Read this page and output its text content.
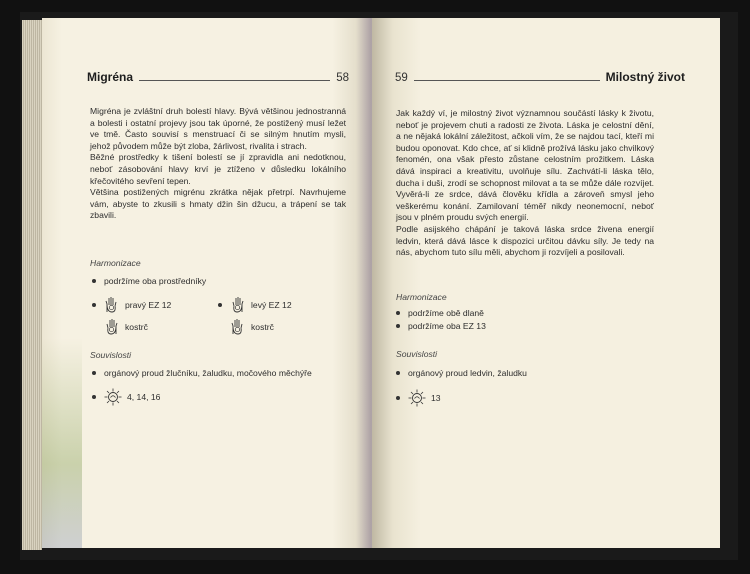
Migréna	58

Migréna je zvláštní druh bolestí hlavy. Bývá většinou jednostranná a bolesti i ostatní projevy jsou tak úporné, že postižený musí ležet ve tmě. Často souvisí s menstruací či se silným hnutím mysli, jehož původem může být zloba, žárlivost, rivalita i strach.

Běžné prostředky k tišení bolestí se jí zpravidla ani nedotknou, neboť zásobování hlavy krví je ztíženo v důsledku lokálního křečovitého sevření tepen.

Většina postižených migrénu zkrátka nějak přetrpí. Navrhujeme vám, abyste to zkusili s hmaty džin šin džucu, a trápení se tak zbavili.

Harmonizace
podržíme oba prostředníky
pravý EZ 12	levý EZ 12
kostrč	kostrč
Souvislosti
orgánový proud žlučníku, žaludku, močového měchýře
4, 14, 16
59	Milostný život

Jak každý ví, je milostný život významnou součástí lásky k životu, neboť je projevem chuti a radosti ze života. Láska je celostní dění, a ne nějaká lokální záležitost, ačkoli vím, že se najdou tací, kteří mi budou oponovat. Kdo chce, ať si klidně prožívá lásku jako chvilkový fenomén, ona však přesto zůstane celostním prožitkem. Láska dává inspiraci a kreativitu, uvolňuje sílu. Zachvátí-li láska tělo, ducha i duši, zrodí se schopnost milovat a ta se může dále rozvíjet. Vyvěrá-li ze srdce, dává člověku křídla a zároveň smysl jeho veškerému konání. Zamilovaní téměř nikdy neonemocní, neboť jsou v plném proudu svých energií.

Podle asijského chápání je taková láska srdce živena energií ledvin, která dává lásce k dispozici určitou dávku síly. Je tedy na nás, abychom tuto sílu měli, abychom ji rozvíjeli a posilovali.

Harmonizace
podržíme obě dlaně
podržíme oba EZ 13
Souvislosti
orgánový proud ledvin, žaludku
13
